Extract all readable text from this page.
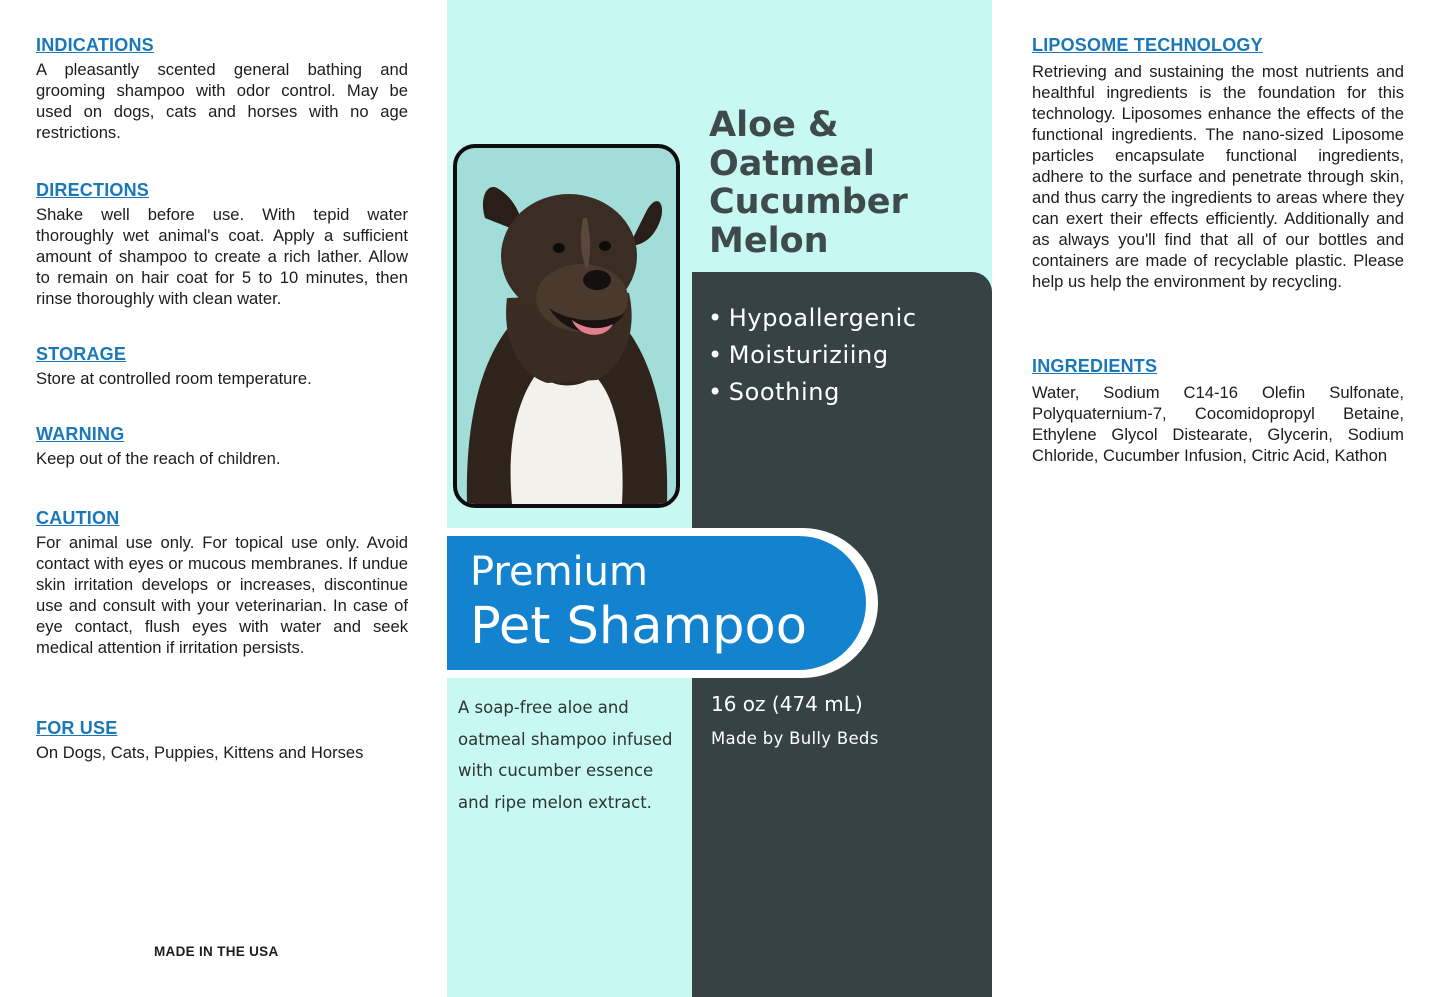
INDICATIONS
A pleasantly scented general bathing and grooming shampoo with odor control. May be used on dogs, cats and horses with no age restrictions.
DIRECTIONS
Shake well before use. With tepid water thoroughly wet animal's coat. Apply a sufficient amount of shampoo to create a rich lather. Allow to remain on hair coat for 5 to 10 minutes, then rinse thoroughly with clean water.
STORAGE
Store at controlled room temperature.
WARNING
Keep out of the reach of children.
CAUTION
For animal use only. For topical use only. Avoid contact with eyes or mucous membranes. If undue skin irritation develops or increases, discontinue use and consult with your veterinarian. In case of eye contact, flush eyes with water and seek medical attention if irritation persists.
FOR USE
On Dogs, Cats, Puppies, Kittens and Horses
MADE IN THE USA
Aloe &
Oatmeal
Cucumber
Melon
• Hypoallergenic
• Moisturiziing
• Soothing
Premium
Pet Shampoo
A soap-free aloe and oatmeal shampoo infused with cucumber essence and ripe melon extract.
16 oz (474 mL)
Made by Bully Beds
LIPOSOME TECHNOLOGY
Retrieving and sustaining the most nutrients and healthful ingredients is the foundation for this technology. Liposomes enhance the effects of the functional ingredients. The nano-sized Liposome particles encapsulate functional ingredients, adhere to the surface and penetrate through skin, and thus carry the ingredients to areas where they can exert their effects efficiently. Additionally and as always you'll find that all of our bottles and containers are made of recyclable plastic. Please help us help the environment by recycling.
INGREDIENTS
Water, Sodium C14-16 Olefin Sulfonate, Polyquaternium-7, Cocomidopropyl Betaine, Ethylene Glycol Distearate, Glycerin, Sodium Chloride, Cucumber Infusion, Citric Acid, Kathon
